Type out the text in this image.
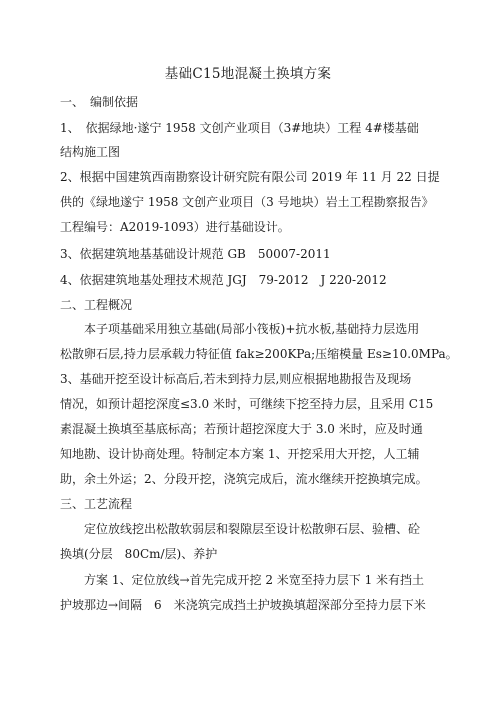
基础C15地混凝土换填方案
一、　编制依据
1、　依据绿地·遂宁 1958 文创产业项目（3#地块）工程 4#楼基础
结构施工图
2、根据中国建筑西南勘察设计研究院有限公司 2019 年 11 月 22 日提
供的《绿地遂宁 1958 文创产业项目（3 号地块）岩土工程勘察报告》
工程编号：A2019-1093）进行基础设计。
3、依据建筑地基基础设计规范 GB　50007-2011
4、依据建筑地基处理技术规范 JGJ　79-2012　J 220-2012
二、工程概况
　　本子项基础采用独立基础(局部小筏板)+抗水板,基础持力层选用
松散卵石层,持力层承载力特征值 fak≥200KPa;压缩模量 Es≥10.0MPa。
3、基础开挖至设计标高后,若未到持力层,则应根据地勘报告及现场
情况，如预计超挖深度≤3.0 米时，可继续下挖至持力层，且采用 C15
素混凝土换填至基底标高；若预计超挖深度大于 3.0 米时，应及时通
知地勘、设计协商处理。特制定本方案 1、开挖采用大开挖，人工辅
助，余土外运；2、分段开挖，浇筑完成后，流水继续开挖换填完成。
三、工艺流程
　　定位放线挖出松散软弱层和裂隙层至设计松散卵石层、验槽、砼
换填(分层　80Cm/层)、养护
　　方案 1、定位放线→首先完成开挖 2 米宽至持力层下 1 米有挡土
护坡那边→间隔　6　米浇筑完成挡土护坡换填超深部分至持力层下米
